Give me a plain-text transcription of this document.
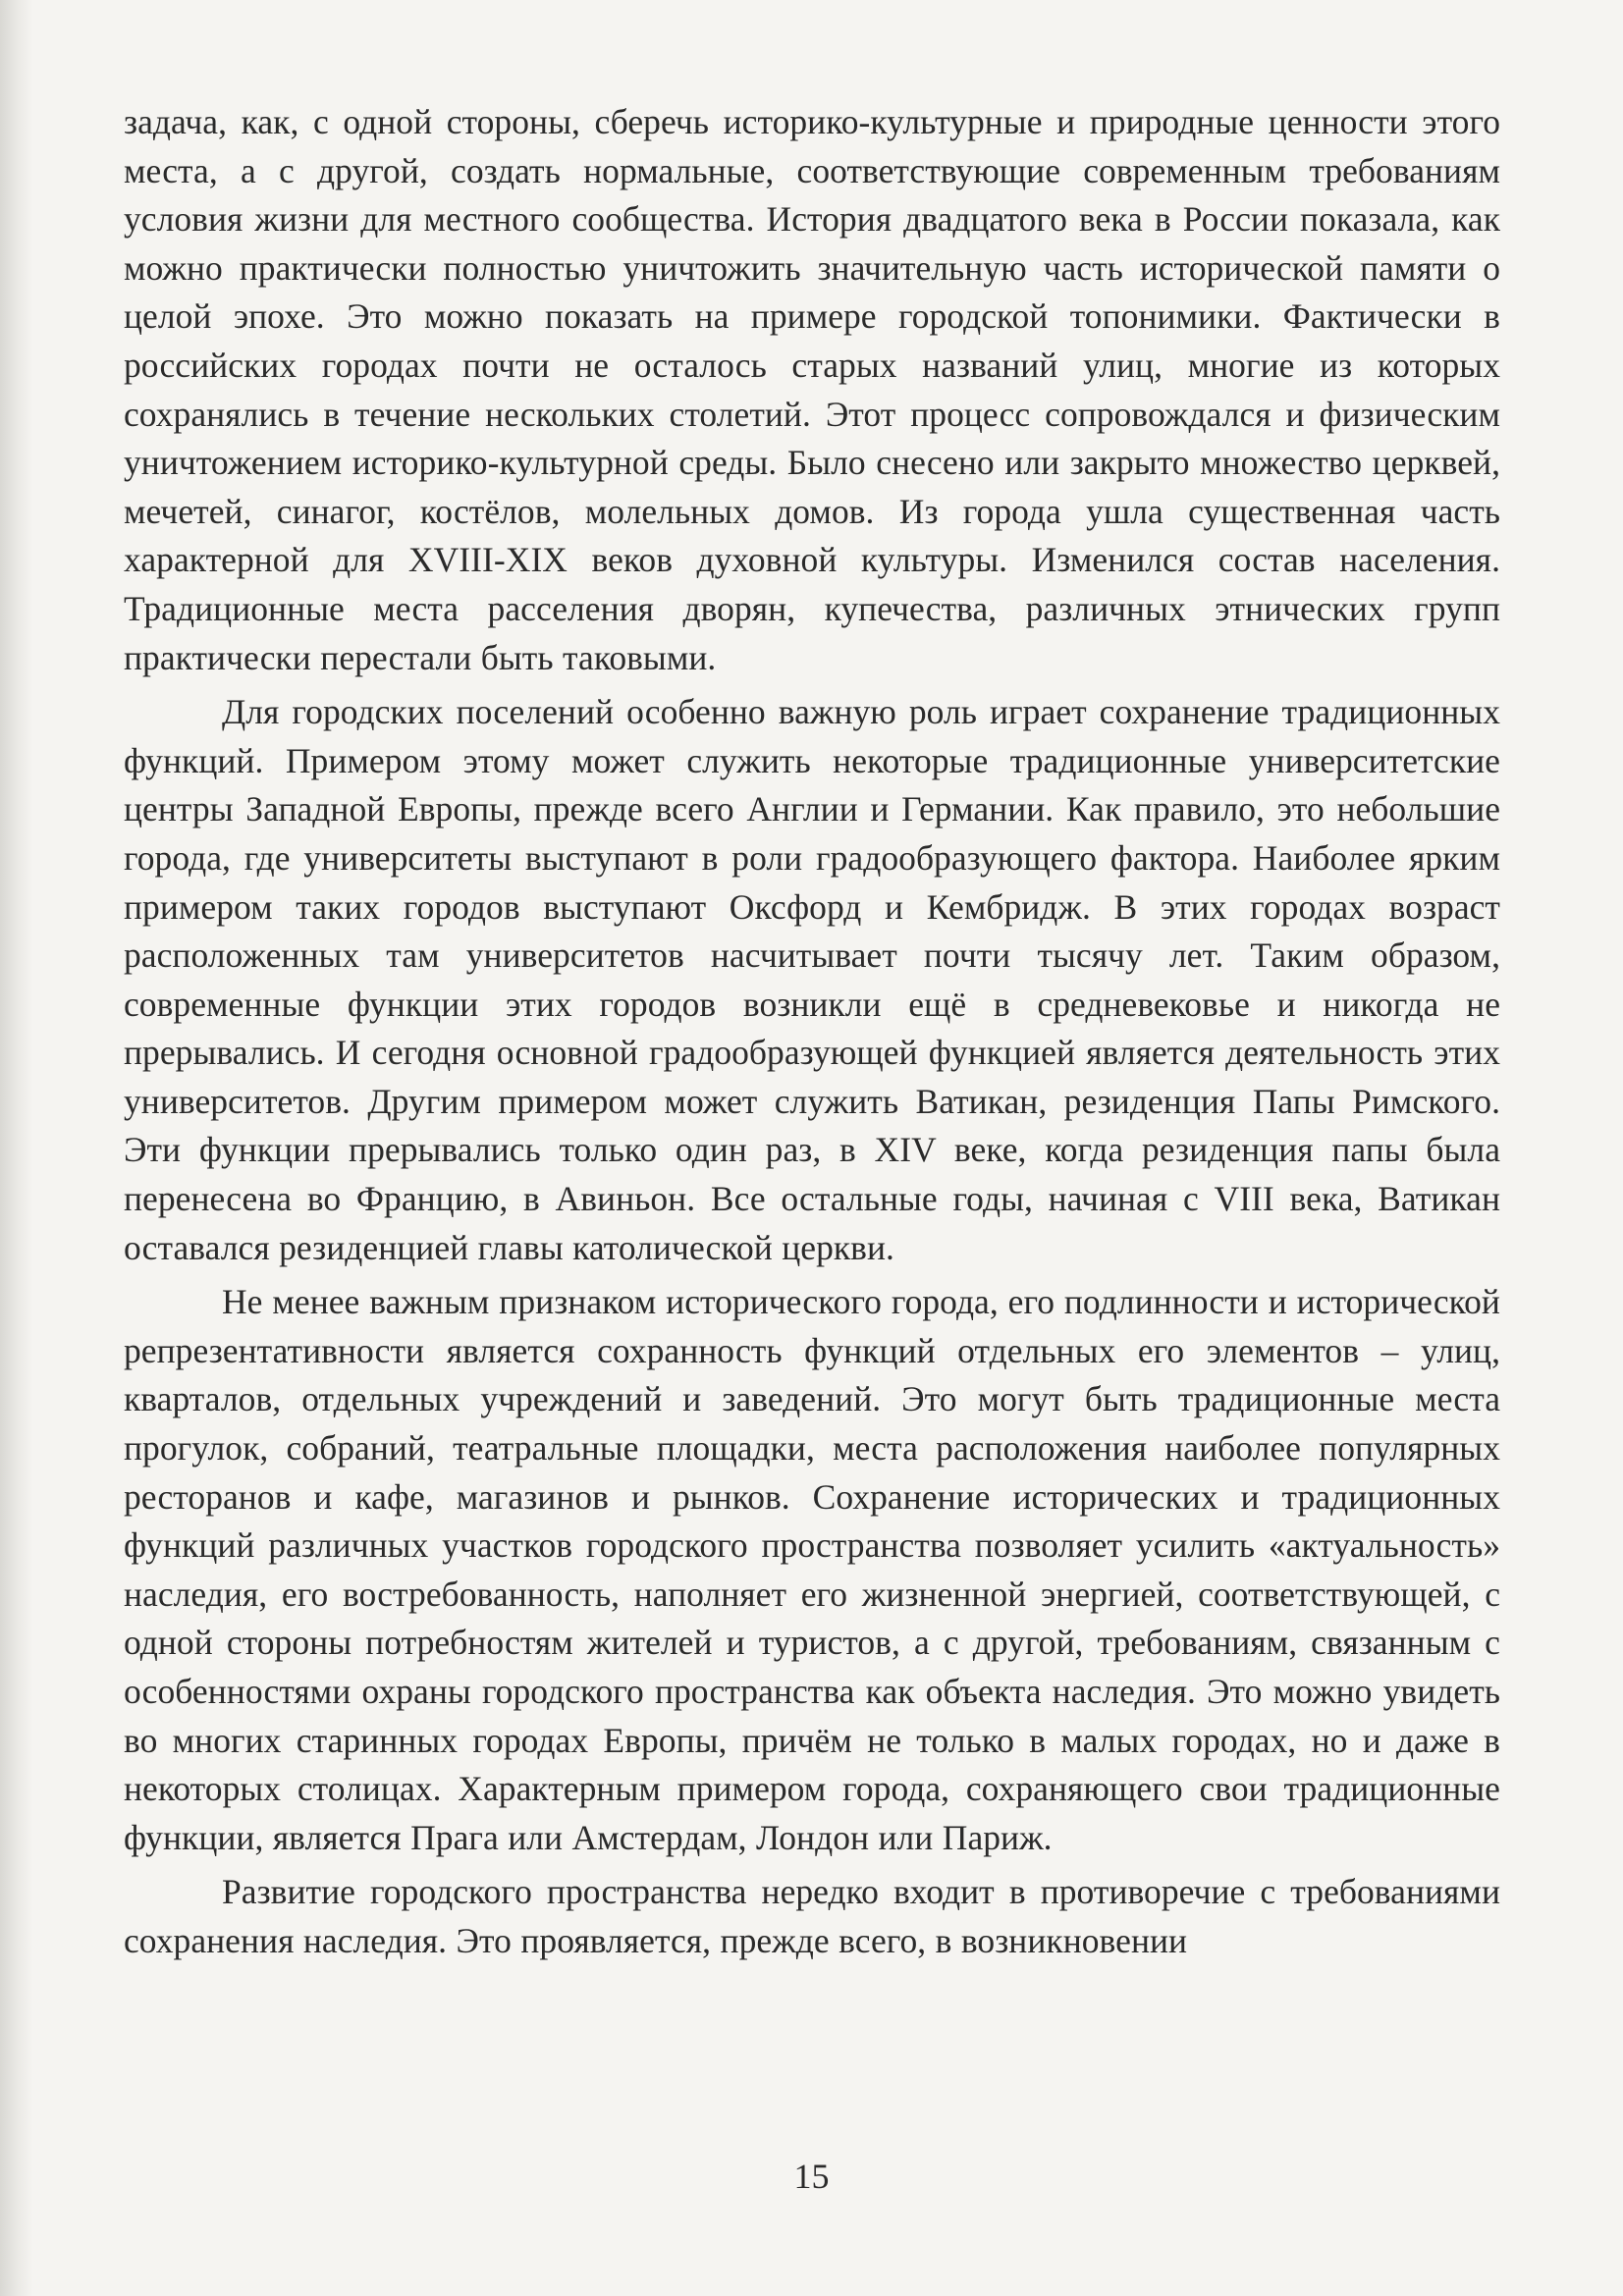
задача, как, с одной стороны, сберечь историко-культурные и природные ценности этого места, а с другой, создать нормальные, соответствующие современным требованиям условия жизни для местного сообщества. История двадцатого века в России показала, как можно практически полностью уничтожить значительную часть исторической памяти о целой эпохе. Это можно показать на примере городской топонимики. Фактически в российских городах почти не осталось старых названий улиц, многие из которых сохранялись в течение нескольких столетий. Этот процесс сопровождался и физическим уничтожением историко-культурной среды. Было снесено или закрыто множество церквей, мечетей, синагог, костёлов, молельных домов. Из города ушла существенная часть характерной для XVIII-XIX веков духовной культуры. Изменился состав населения. Традиционные места расселения дворян, купечества, различных этнических групп практически перестали быть таковыми.

Для городских поселений особенно важную роль играет сохранение традиционных функций. Примером этому может служить некоторые традиционные университетские центры Западной Европы, прежде всего Англии и Германии. Как правило, это небольшие города, где университеты выступают в роли градообразующего фактора. Наиболее ярким примером таких городов выступают Оксфорд и Кембридж. В этих городах возраст расположенных там университетов насчитывает почти тысячу лет. Таким образом, современные функции этих городов возникли ещё в средневековье и никогда не прерывались. И сегодня основной градообразующей функцией является деятельность этих университетов. Другим примером может служить Ватикан, резиденция Папы Римского. Эти функции прерывались только один раз, в XIV веке, когда резиденция папы была перенесена во Францию, в Авиньон. Все остальные годы, начиная с VIII века, Ватикан оставался резиденцией главы католической церкви.

Не менее важным признаком исторического города, его подлинности и исторической репрезентативности является сохранность функций отдельных его элементов – улиц, кварталов, отдельных учреждений и заведений. Это могут быть традиционные места прогулок, собраний, театральные площадки, места расположения наиболее популярных ресторанов и кафе, магазинов и рынков. Сохранение исторических и традиционных функций различных участков городского пространства позволяет усилить «актуальность» наследия, его востребованность, наполняет его жизненной энергией, соответствующей, с одной стороны потребностям жителей и туристов, а с другой, требованиям, связанным с особенностями охраны городского пространства как объекта наследия. Это можно увидеть во многих старинных городах Европы, причём не только в малых городах, но и даже в некоторых столицах. Характерным примером города, сохраняющего свои традиционные функции, является Прага или Амстердам, Лондон или Париж.

Развитие городского пространства нередко входит в противоречие с требованиями сохранения наследия. Это проявляется, прежде всего, в возникновении

15
